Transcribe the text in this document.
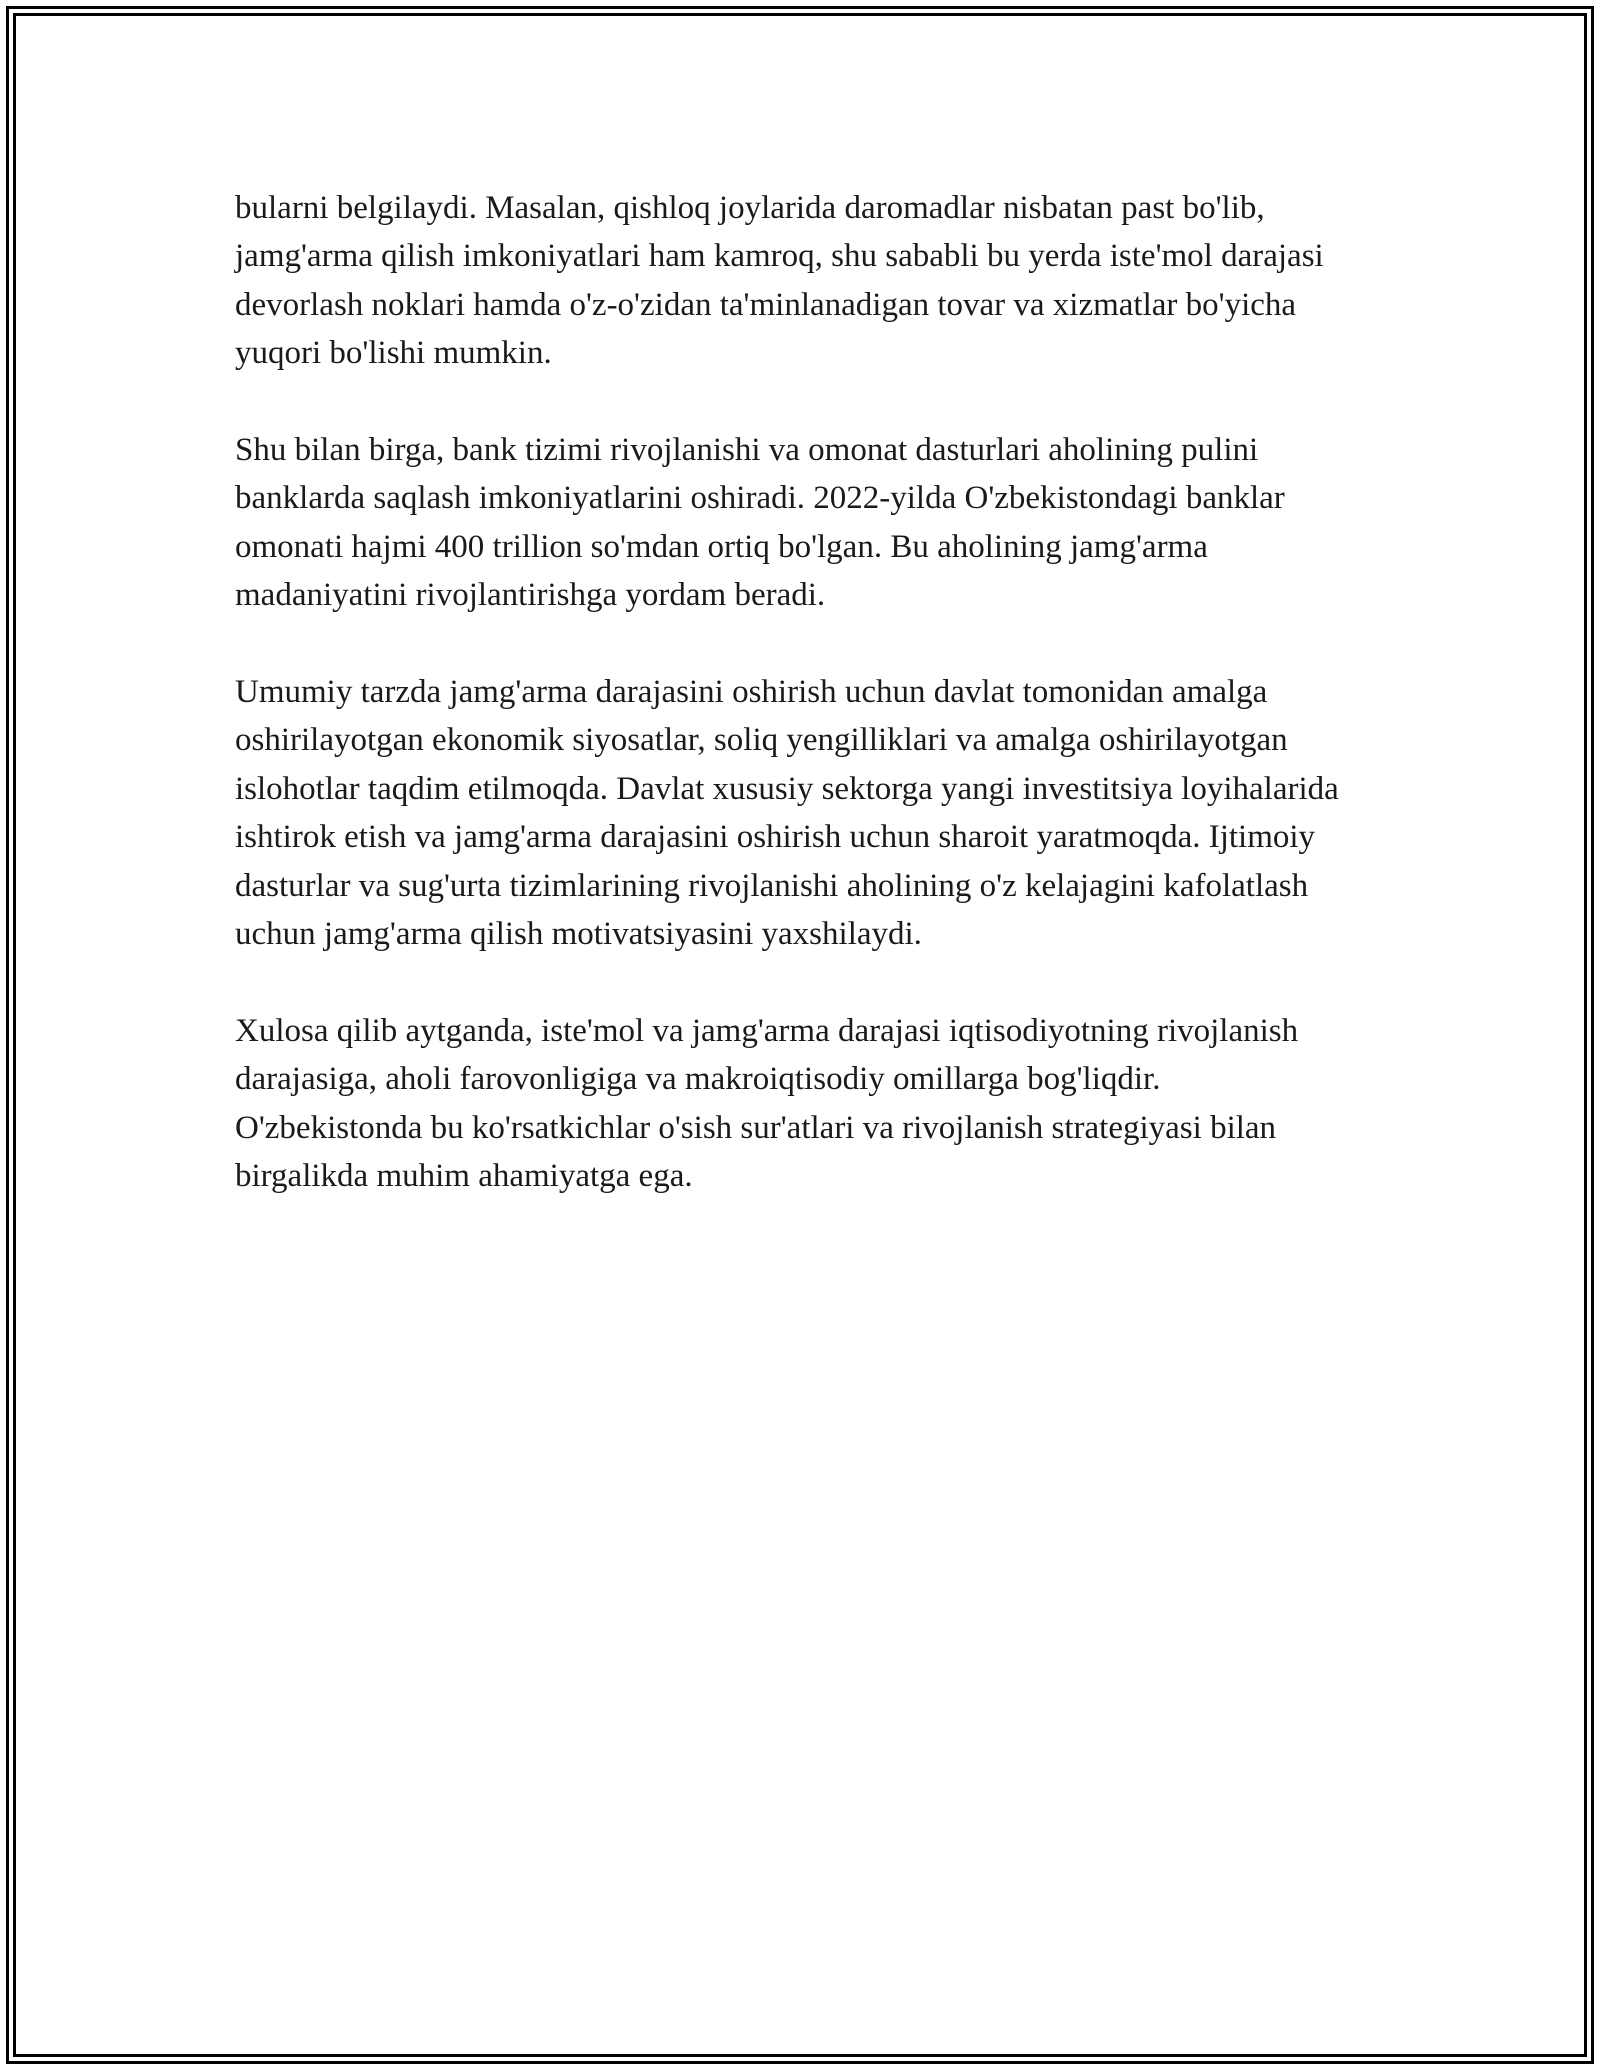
bularni belgilaydi. Masalan, qishloq joylarida daromadlar nisbatan past bo'lib, jamg'arma qilish imkoniyatlari ham kamroq, shu sababli bu yerda iste'mol darajasi devorlash noklari hamda o'z-o'zidan ta'minlanadigan tovar va xizmatlar bo'yicha yuqori bo'lishi mumkin.

Shu bilan birga, bank tizimi rivojlanishi va omonat dasturlari aholining pulini banklarda saqlash imkoniyatlarini oshiradi. 2022-yilda O'zbekistondagi banklar omonati hajmi 400 trillion so'mdan ortiq bo'lgan. Bu aholining jamg'arma madaniyatini rivojlantirishga yordam beradi.

Umumiy tarzda jamg'arma darajasini oshirish uchun davlat tomonidan amalga oshirilayotgan ekonomik siyosatlar, soliq yengilliklari va amalga oshirilayotgan islohotlar taqdim etilmoqda. Davlat xususiy sektorga yangi investitsiya loyihalarida ishtirok etish va jamg'arma darajasini oshirish uchun sharoit yaratmoqda. Ijtimoiy dasturlar va sug'urta tizimlarining rivojlanishi aholining o'z kelajagini kafolatlash uchun jamg'arma qilish motivatsiyasini yaxshilaydi.

Xulosa qilib aytganda, iste'mol va jamg'arma darajasi iqtisodiyotning rivojlanish darajasiga, aholi farovonligiga va makroiqtisodiy omillarga bog'liqdir. O'zbekistonda bu ko'rsatkichlar o'sish sur'atlari va rivojlanish strategiyasi bilan birgalikda muhim ahamiyatga ega.
